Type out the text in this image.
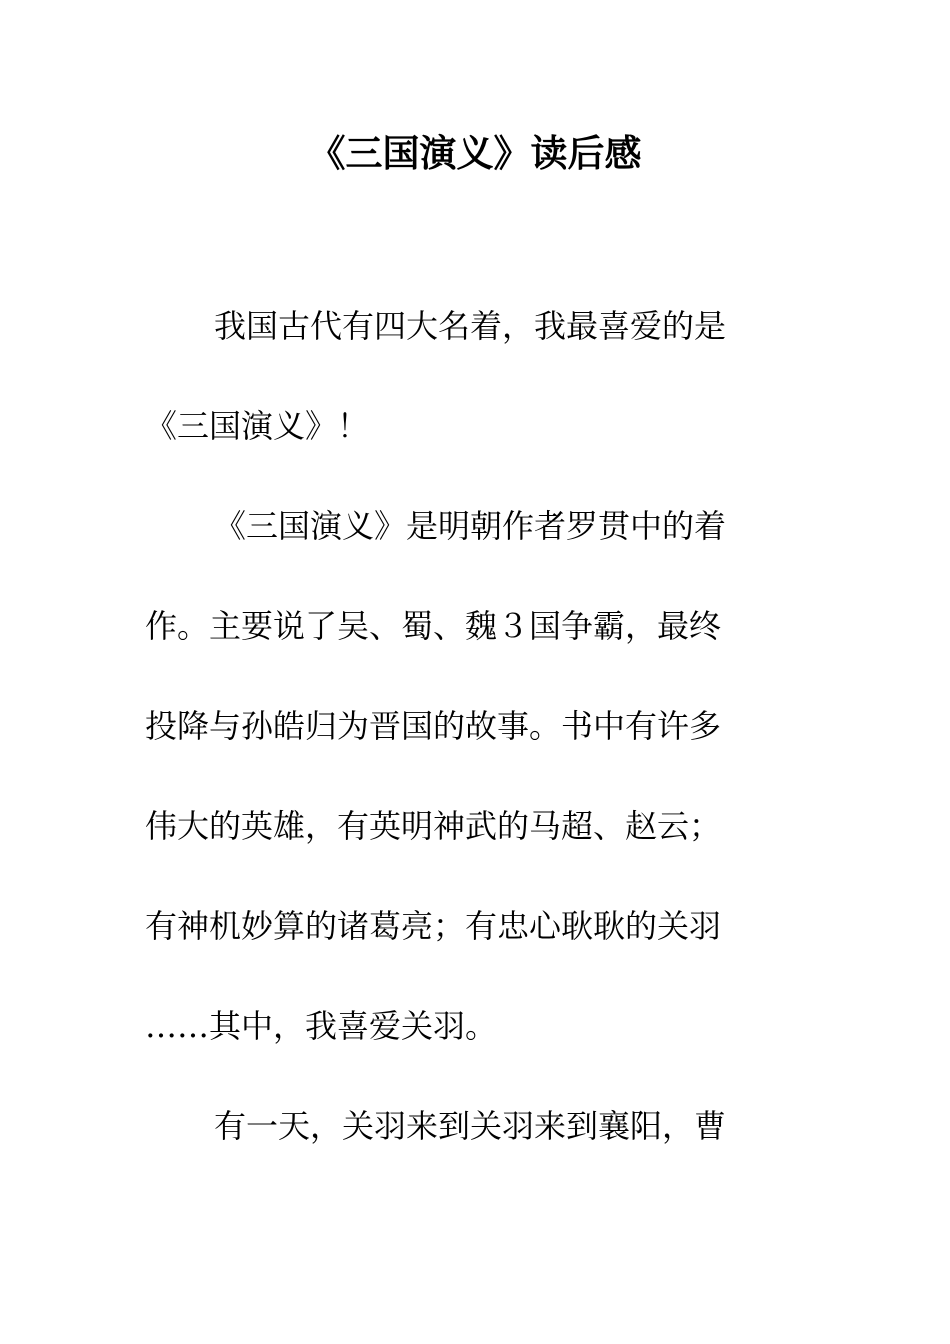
《三国演义》读后感
我国古代有四大名着，我最喜爱的是
《三国演义》！
《三国演义》是明朝作者罗贯中的着
作。主要说了吴、蜀、魏３国争霸，最终
投降与孙皓归为晋国的故事。书中有许多
伟大的英雄，有英明神武的马超、赵云；
有神机妙算的诸葛亮；有忠心耿耿的关羽
……其中，我喜爱关羽。
有一天，关羽来到关羽来到襄阳，曹
